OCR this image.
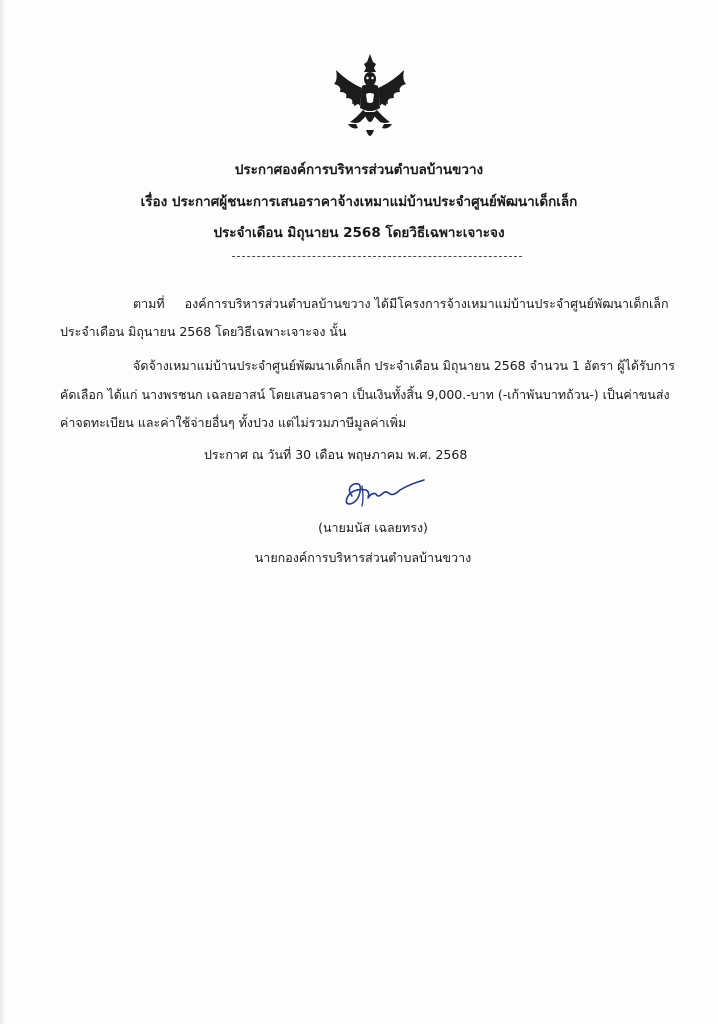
ประกาศองค์การบริหารส่วนตำบลบ้านขวาง
เรื่อง ประกาศผู้ชนะการเสนอราคาจ้างเหมาแม่บ้านประจำศูนย์พัฒนาเด็กเล็ก
ประจำเดือน มิถุนายน 2568 โดยวิธีเฉพาะเจาะจง
ตามที่ องค์การบริหารส่วนตำบลบ้านขวาง ได้มีโครงการจ้างเหมาแม่บ้านประจำศูนย์พัฒนาเด็กเล็ก
ประจำเดือน มิถุนายน 2568 โดยวิธีเฉพาะเจาะจง นั้น
จัดจ้างเหมาแม่บ้านประจำศูนย์พัฒนาเด็กเล็ก ประจำเดือน มิถุนายน 2568 จำนวน 1 อัตรา ผู้ได้รับการ
คัดเลือก ได้แก่ นางพรชนก เฉลยอาสน์ โดยเสนอราคา เป็นเงินทั้งสิ้น 9,000.-บาท (-เก้าพันบาทถ้วน-) เป็นค่าขนส่ง
ค่าจดทะเบียน และค่าใช้จ่ายอื่นๆ ทั้งปวง แต่ไม่รวมภาษีมูลค่าเพิ่ม
ประกาศ ณ วันที่ 30 เดือน พฤษภาคม พ.ศ. 2568
(นายมนัส เฉลยทรง)
นายกองค์การบริหารส่วนตำบลบ้านขวาง
